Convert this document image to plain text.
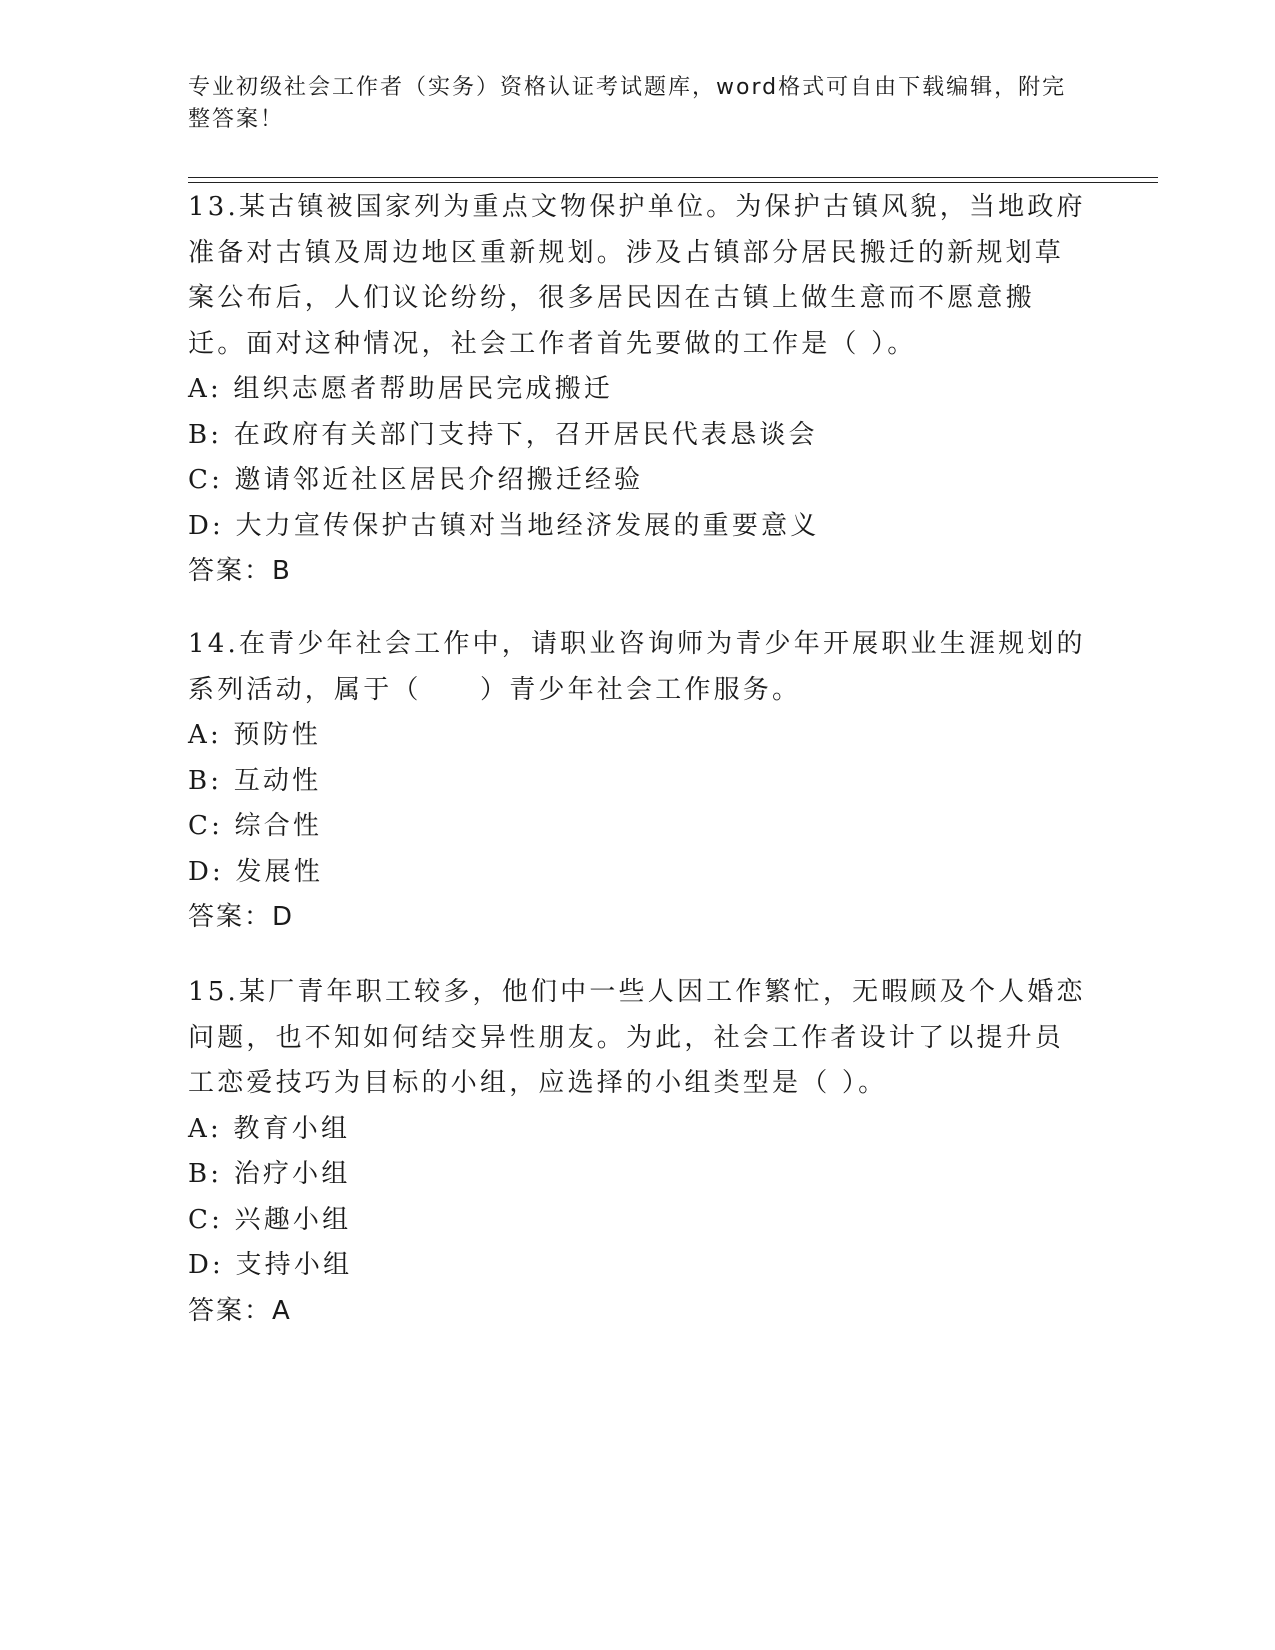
专业初级社会工作者（实务）资格认证考试题库，word格式可自由下载编辑，附完整答案！

13.某古镇被国家列为重点文物保护单位。为保护古镇风貌，当地政府准备对古镇及周边地区重新规划。涉及占镇部分居民搬迁的新规划草案公布后，人们议论纷纷，很多居民因在古镇上做生意而不愿意搬迁。面对这种情况，社会工作者首先要做的工作是（ ）。

A: 组织志愿者帮助居民完成搬迁

B: 在政府有关部门支持下，召开居民代表恳谈会

C: 邀请邻近社区居民介绍搬迁经验

D: 大力宣传保护古镇对当地经济发展的重要意义

答案：B

14.在青少年社会工作中，请职业咨询师为青少年开展职业生涯规划的系列活动，属于（　　）青少年社会工作服务。

A: 预防性

B: 互动性

C: 综合性

D: 发展性

答案：D

15.某厂青年职工较多，他们中一些人因工作繁忙，无暇顾及个人婚恋问题，也不知如何结交异性朋友。为此，社会工作者设计了以提升员工恋爱技巧为目标的小组，应选择的小组类型是（ ）。

A: 教育小组

B: 治疗小组

C: 兴趣小组

D: 支持小组

答案：A
